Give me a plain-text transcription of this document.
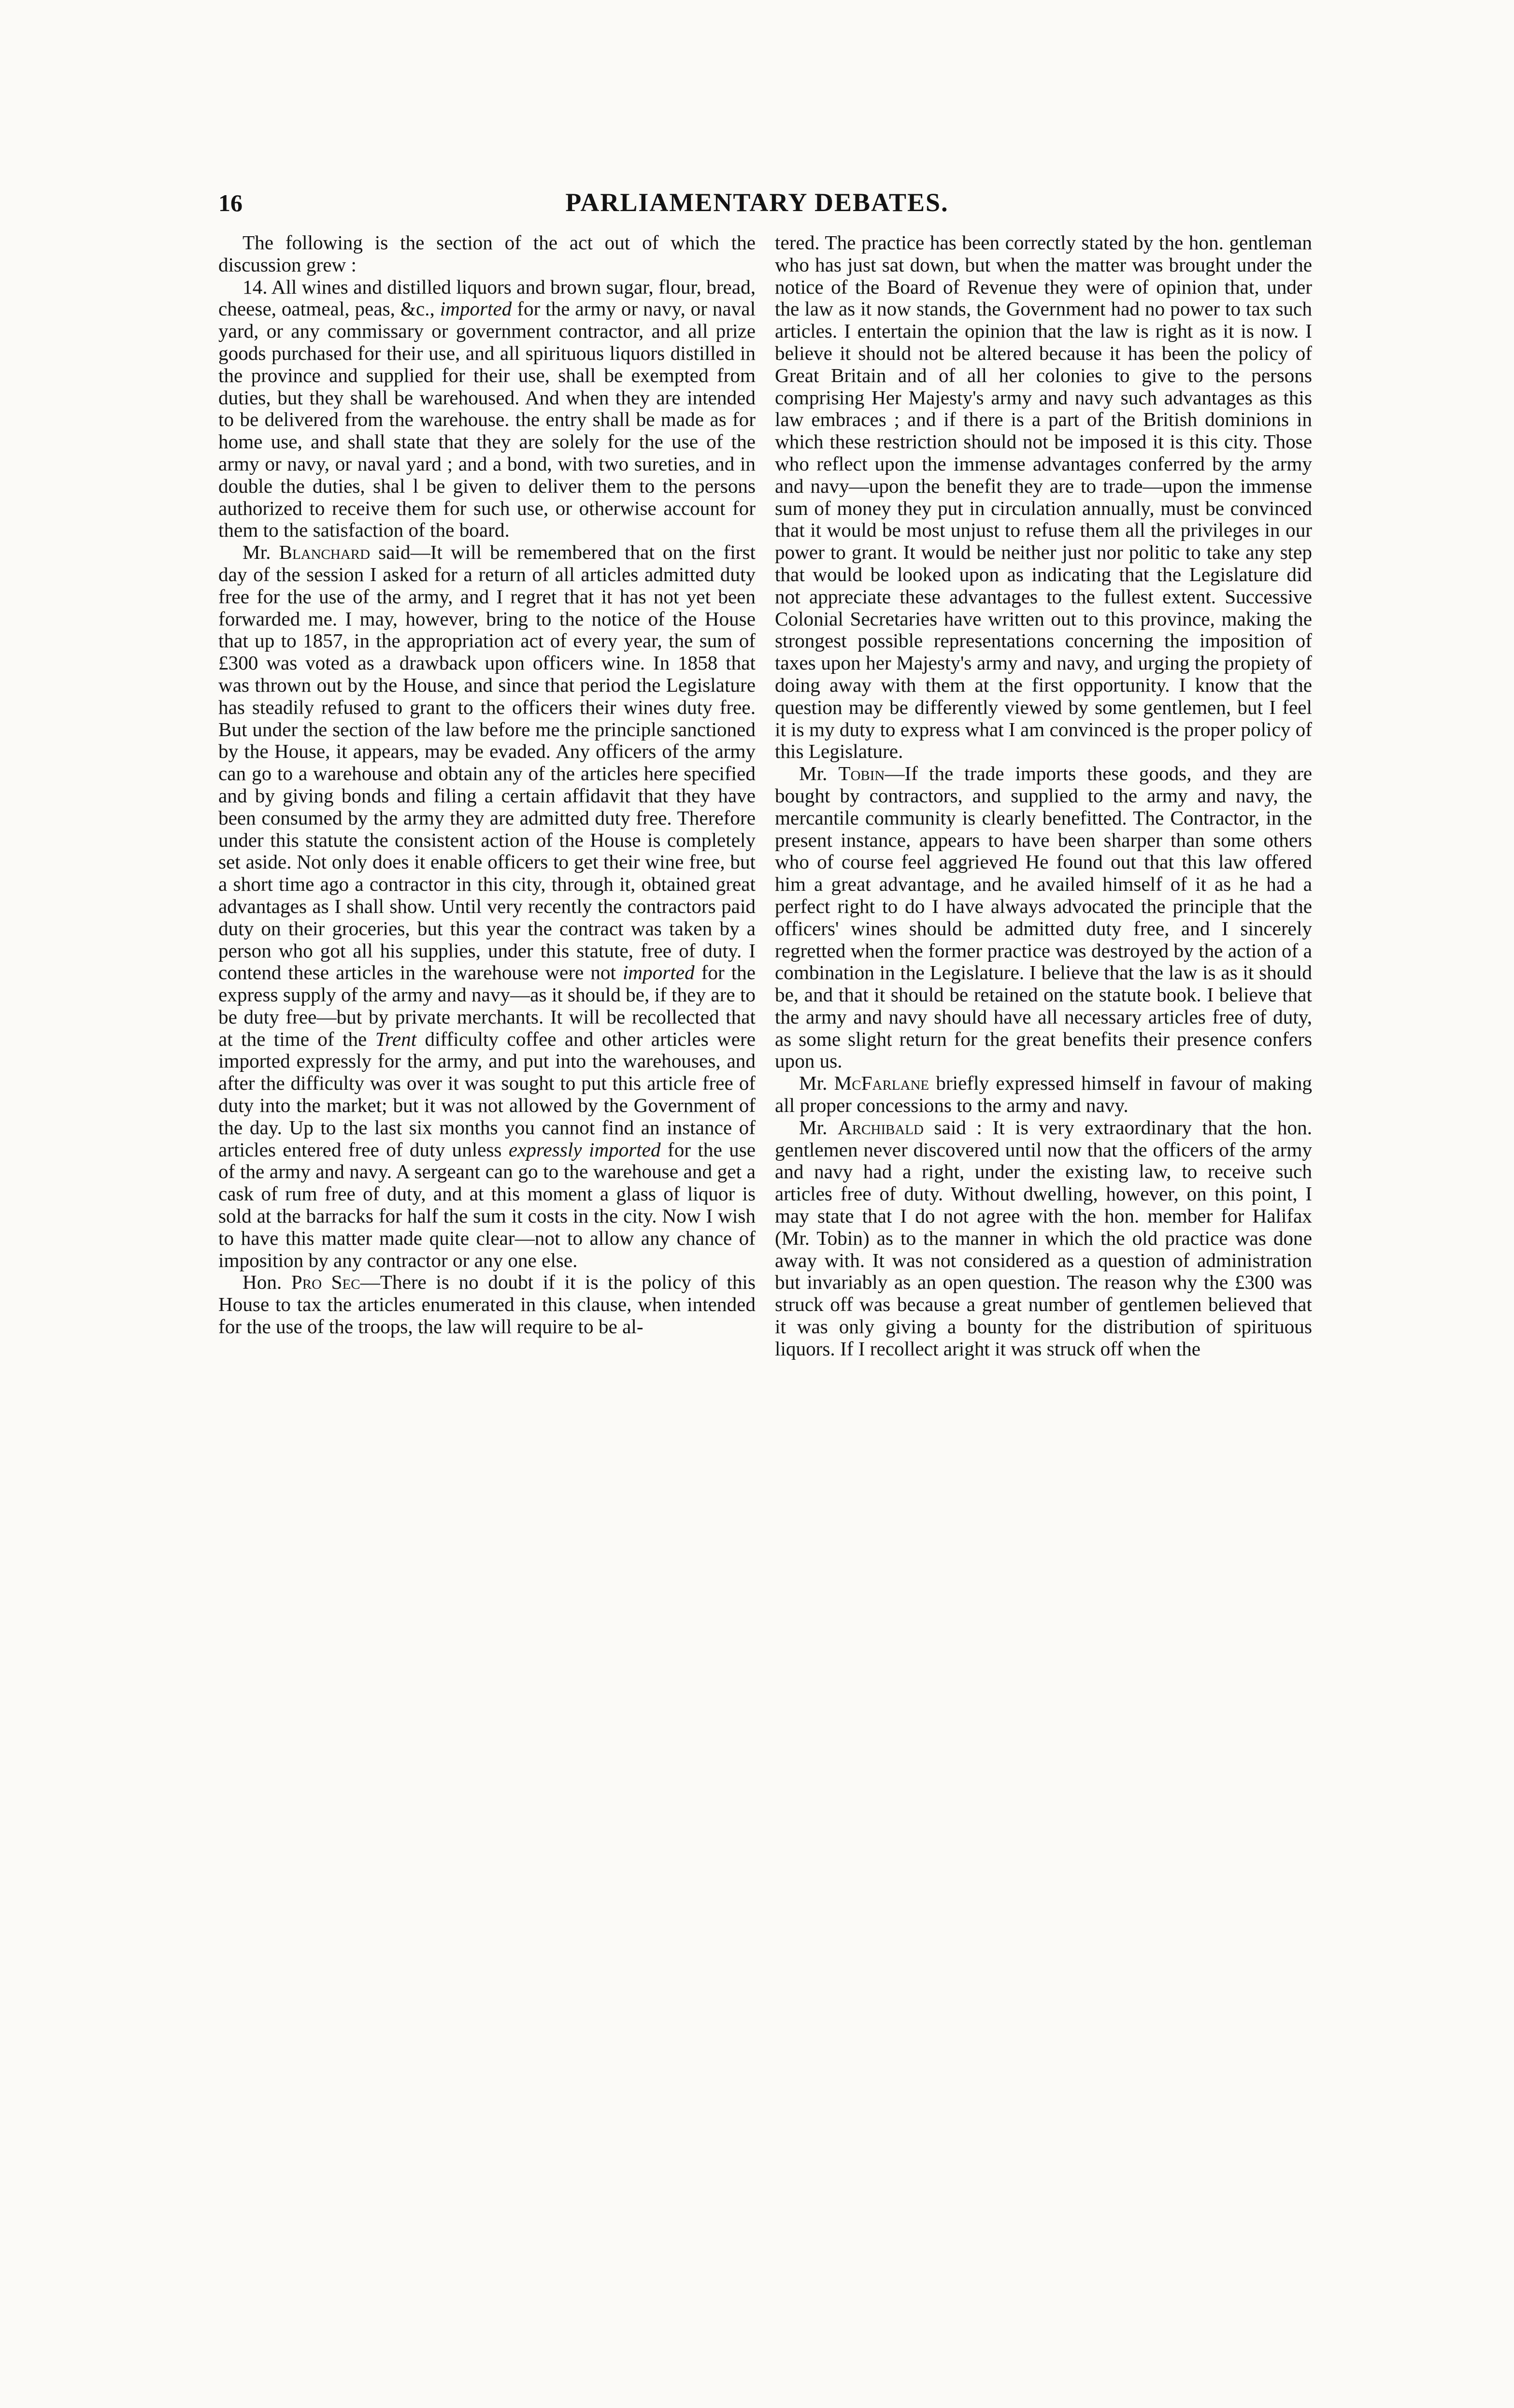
16	PARLIAMENTARY DEBATES.

The following is the section of the act out of which the discussion grew :

14. All wines and distilled liquors and brown sugar, flour, bread, cheese, oatmeal, peas, &c., imported for the army or navy, or naval yard, or any commissary or government contractor, and all prize goods purchased for their use, and all spirituous liquors distilled in the province and supplied for their use, shall be exempted from duties, but they shall be warehoused. And when they are intended to be delivered from the warehouse. the entry shall be made as for home use, and shall state that they are solely for the use of the army or navy, or naval yard ; and a bond, with two sureties, and in double the duties, shal l be given to deliver them to the persons authorized to receive them for such use, or otherwise account for them to the satisfaction of the board.

Mr. Blanchard said—It will be remembered that on the first day of the session I asked for a return of all articles admitted duty free for the use of the army, and I regret that it has not yet been forwarded me. I may, however, bring to the notice of the House that up to 1857, in the appropriation act of every year, the sum of £300 was voted as a drawback upon officers wine. In 1858 that was thrown out by the House, and since that period the Legislature has steadily refused to grant to the officers their wines duty free. But under the section of the law before me the principle sanctioned by the House, it appears, may be evaded. Any officers of the army can go to a warehouse and obtain any of the articles here specified and by giving bonds and filing a certain affidavit that they have been consumed by the army they are admitted duty free. Therefore under this statute the consistent action of the House is completely set aside. Not only does it enable officers to get their wine free, but a short time ago a contractor in this city, through it, obtained great advantages as I shall show. Until very recently the contractors paid duty on their groceries, but this year the contract was taken by a person who got all his supplies, under this statute, free of duty. I contend these articles in the warehouse were not imported for the express supply of the army and navy—as it should be, if they are to be duty free—but by private merchants. It will be recollected that at the time of the Trent difficulty coffee and other articles were imported expressly for the army, and put into the warehouses, and after the difficulty was over it was sought to put this article free of duty into the market; but it was not allowed by the Government of the day. Up to the last six months you cannot find an instance of articles entered free of duty unless expressly imported for the use of the army and navy. A sergeant can go to the warehouse and get a cask of rum free of duty, and at this moment a glass of liquor is sold at the barracks for half the sum it costs in the city. Now I wish to have this matter made quite clear—not to allow any chance of imposition by any contractor or any one else.

Hon. Pro Sec—There is no doubt if it is the policy of this House to tax the articles enumerated in this clause, when intended for the use of the troops, the law will require to be al-

tered. The practice has been correctly stated by the hon. gentleman who has just sat down, but when the matter was brought under the notice of the Board of Revenue they were of opinion that, under the law as it now stands, the Government had no power to tax such articles. I entertain the opinion that the law is right as it is now. I believe it should not be altered because it has been the policy of Great Britain and of all her colonies to give to the persons comprising Her Majesty's army and navy such advantages as this law embraces ; and if there is a part of the British dominions in which these restriction should not be imposed it is this city. Those who reflect upon the immense advantages conferred by the army and navy—upon the benefit they are to trade—upon the immense sum of money they put in circulation annually, must be convinced that it would be most unjust to refuse them all the privileges in our power to grant. It would be neither just nor politic to take any step that would be looked upon as indicating that the Legislature did not appreciate these advantages to the fullest extent. Successive Colonial Secretaries have written out to this province, making the strongest possible representations concerning the imposition of taxes upon her Majesty's army and navy, and urging the propiety of doing away with them at the first opportunity. I know that the question may be differently viewed by some gentlemen, but I feel it is my duty to express what I am convinced is the proper policy of this Legislature.

Mr. Tobin—If the trade imports these goods, and they are bought by contractors, and supplied to the army and navy, the mercantile community is clearly benefitted. The Contractor, in the present instance, appears to have been sharper than some others who of course feel aggrieved He found out that this law offered him a great advantage, and he availed himself of it as he had a perfect right to do I have always advocated the principle that the officers' wines should be admitted duty free, and I sincerely regretted when the former practice was destroyed by the action of a combination in the Legislature. I believe that the law is as it should be, and that it should be retained on the statute book. I believe that the army and navy should have all necessary articles free of duty, as some slight return for the great benefits their presence confers upon us.

Mr. McFarlane briefly expressed himself in favour of making all proper concessions to the army and navy.

Mr. Archibald said : It is very extraordinary that the hon. gentlemen never discovered until now that the officers of the army and navy had a right, under the existing law, to receive such articles free of duty. Without dwelling, however, on this point, I may state that I do not agree with the hon. member for Halifax (Mr. Tobin) as to the manner in which the old practice was done away with. It was not considered as a question of administration but invariably as an open question. The reason why the £300 was struck off was because a great number of gentlemen believed that it was only giving a bounty for the distribution of spirituous liquors. If I recollect aright it was struck off when the
